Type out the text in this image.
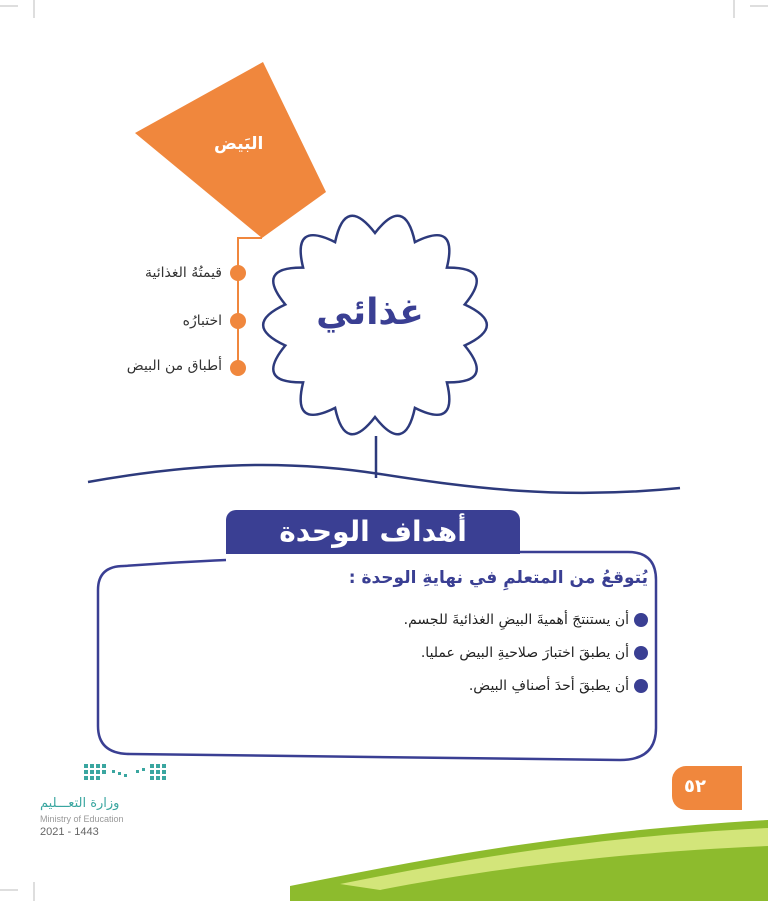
البَيض
قيمتُهُ الغذائية
اختبارُه
أطباق من البيض
غذائي
أهداف الوحدة
يُتوقعُ من المتعلمِ في نهايةِ الوحدة :
أن يستنتجَ أهميةَ البيضِ الغذائيةَ للجسم.
أن يطبقَ اختبارَ صلاحيةِ البيض عمليا.
أن يطبقَ أحدَ أصنافِ البيض.
٥٢
وزارة التعـــليم
Ministry of Education
2021 - 1443
